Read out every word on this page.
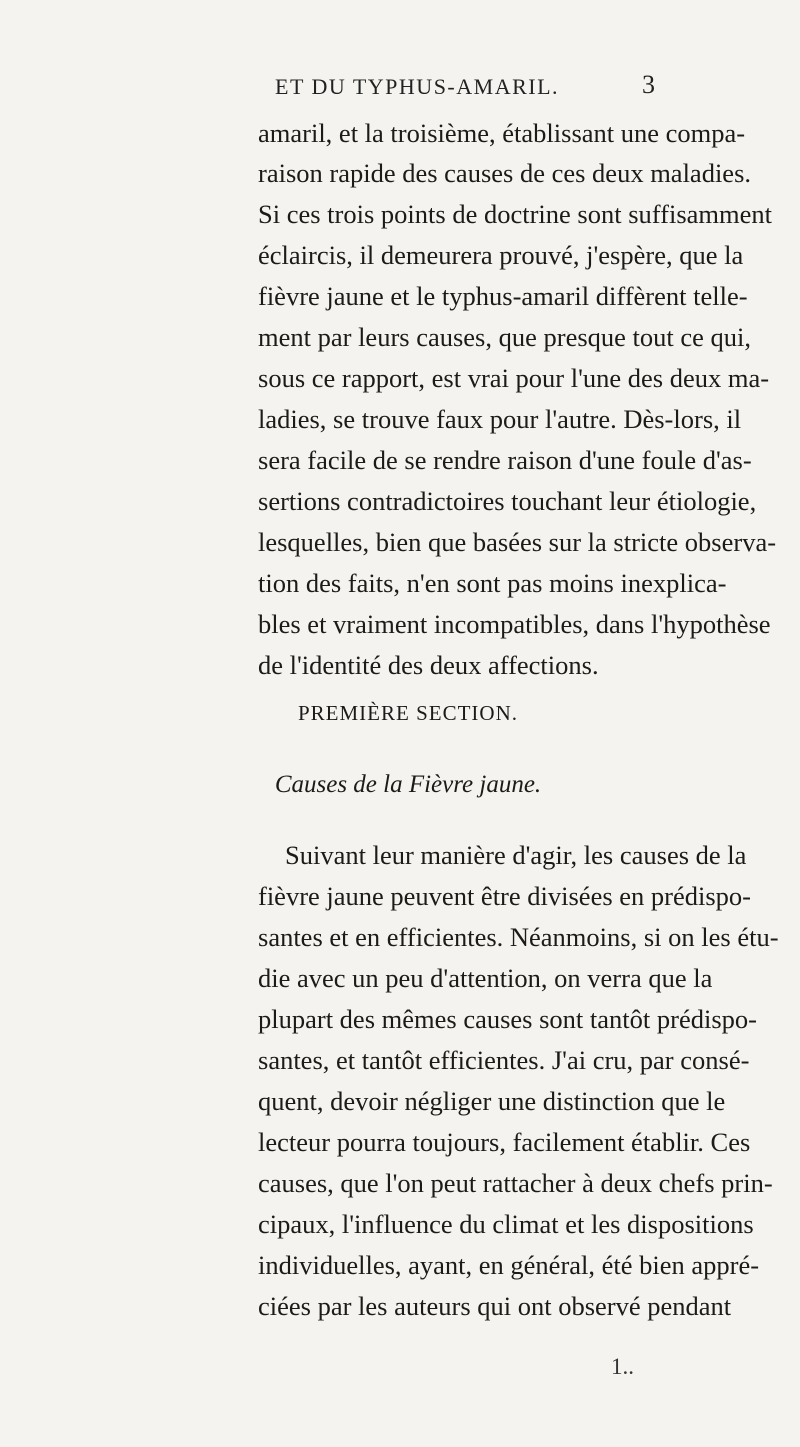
ET DU TYPHUS-AMARIL.	3
amaril, et la troisième, établissant une compa-
raison rapide des causes de ces deux maladies.
Si ces trois points de doctrine sont suffisamment
éclaircis, il demeurera prouvé, j'espère, que la
fièvre jaune et le typhus-amaril diffèrent telle-
ment par leurs causes, que presque tout ce qui,
sous ce rapport, est vrai pour l'une des deux ma-
ladies, se trouve faux pour l'autre. Dès-lors, il
sera facile de se rendre raison d'une foule d'as-
sertions contradictoires touchant leur étiologie,
lesquelles, bien que basées sur la stricte observa-
tion des faits, n'en sont pas moins inexplica-
bles et vraiment incompatibles, dans l'hypothèse
de l'identité des deux affections.
PREMIÈRE SECTION.
Causes de la Fièvre jaune.
Suivant leur manière d'agir, les causes de la
fièvre jaune peuvent être divisées en prédispo-
santes et en efficientes. Néanmoins, si on les étu-
die avec un peu d'attention, on verra que la
plupart des mêmes causes sont tantôt prédispo-
santes, et tantôt efficientes. J'ai cru, par consé-
quent, devoir négliger une distinction que le
lecteur pourra toujours, facilement établir. Ces
causes, que l'on peut rattacher à deux chefs prin-
cipaux, l'influence du climat et les dispositions
individuelles, ayant, en général, été bien appré-
ciées par les auteurs qui ont observé pendant
1..
